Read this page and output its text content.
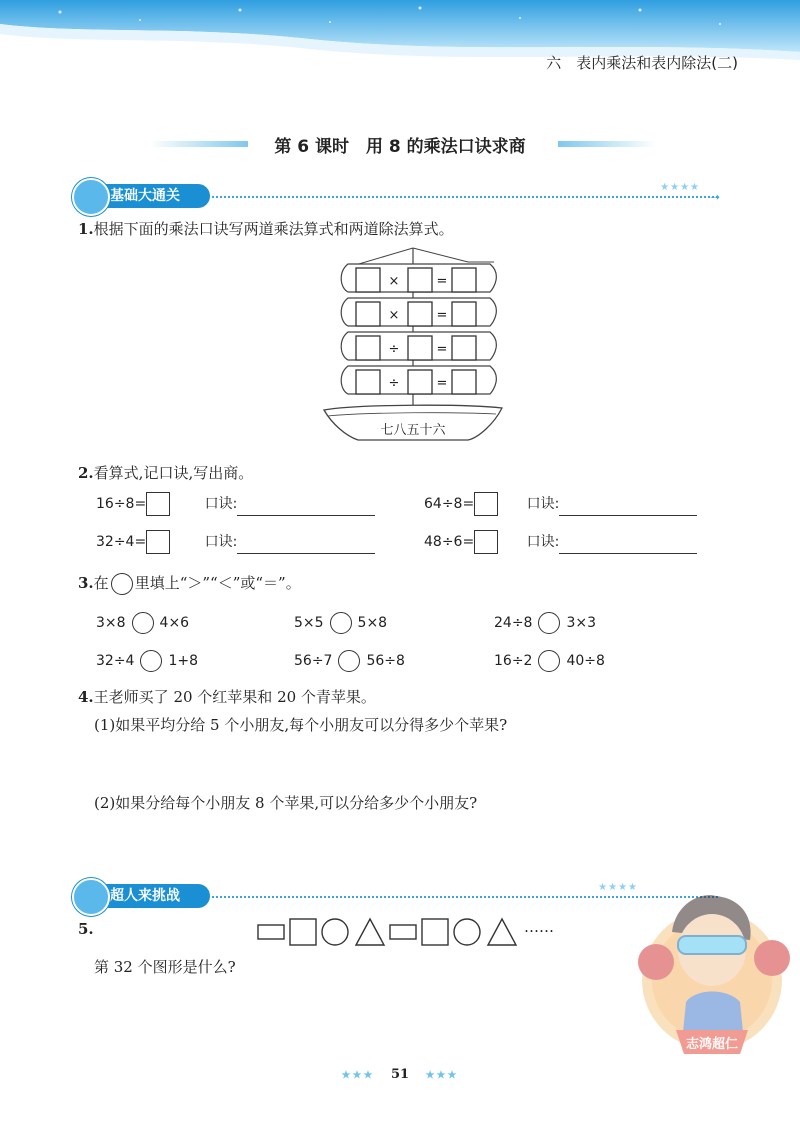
六　表内乘法和表内除法(二)
第 6 课时　用 8 的乘法口诀求商
★★★★
➝
基础大通关
1.根据下面的乘法口诀写两道乘法算式和两道除法算式。
×	=
×	=
÷	=
÷	=
七八五十六
2.看算式,记口诀,写出商。
16÷8=	口诀:	64÷8=	口诀:
32÷4=	口诀:	48÷6=	口诀:
3.在 里填上“＞”“＜”或“＝”。
3×8 4×6	5×5 5×8	24÷8 3×3
32÷4 1+8	56÷7 56÷8	16÷2 40÷8
4.王老师买了 20 个红苹果和 20 个青苹果。
(1)如果平均分给 5 个小朋友,每个小朋友可以分得多少个苹果?
(2)如果分给每个小朋友 8 个苹果,可以分给多少个小朋友?
★★★★
超人来挑战
5.	……
第 32 个图形是什么?
志鸿超仁
★★★ 51 ★★★
